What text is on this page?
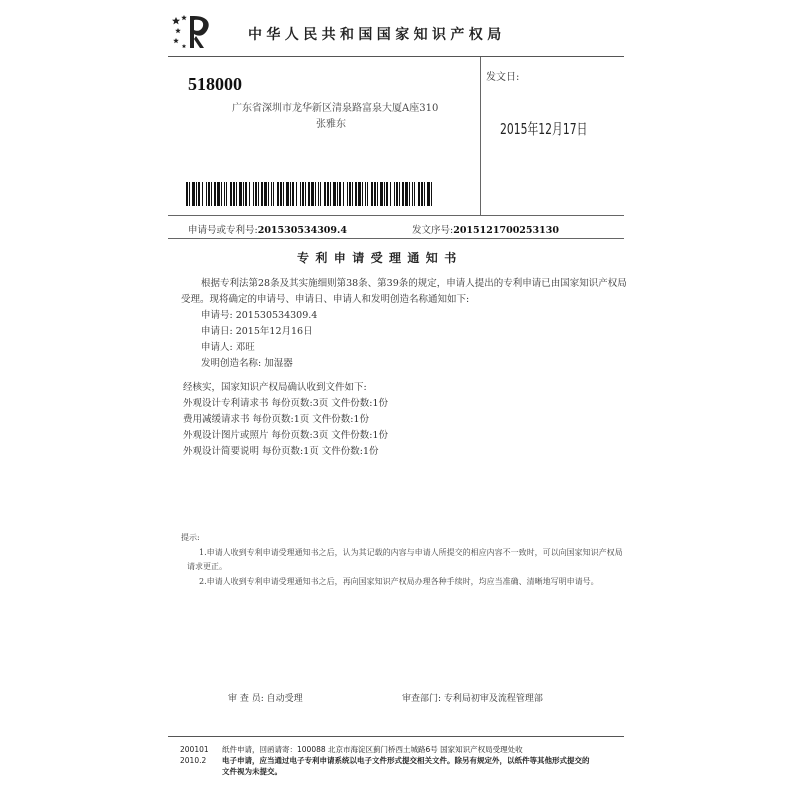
中华人民共和国国家知识产权局
518000
广东省深圳市龙华新区清泉路富泉大厦A座310
张雅东
发文日:
2015年12月17日
申请号或专利号:201530534309.4	发文序号:2015121700253130
专利申请受理通知书
根据专利法第28条及其实施细则第38条、第39条的规定，申请人提出的专利申请已由国家知识产权局
受理。现将确定的申请号、申请日、申请人和发明创造名称通知如下:
申请号: 201530534309.4
申请日: 2015年12月16日
申请人: 邓旺
发明创造名称: 加湿器
经核实，国家知识产权局确认收到文件如下:
外观设计专利请求书 每份页数:3页 文件份数:1份
费用减缓请求书 每份页数:1页 文件份数:1份
外观设计图片或照片 每份页数:3页 文件份数:1份
外观设计简要说明 每份页数:1页 文件份数:1份
提示:
1.申请人收到专利申请受理通知书之后，认为其记载的内容与申请人所提交的相应内容不一致时，可以向国家知识产权局
请求更正。
2.申请人收到专利申请受理通知书之后，再向国家知识产权局办理各种手续时，均应当准确、清晰地写明申请号。
审 查 员: 自动受理	审查部门: 专利局初审及流程管理部
200101
2010.2
纸件申请，回函请寄：100088 北京市海淀区蓟门桥西土城路6号 国家知识产权局受理处收
电子申请，应当通过电子专利申请系统以电子文件形式提交相关文件。除另有规定外，以纸件等其他形式提交的
文件视为未提交。
